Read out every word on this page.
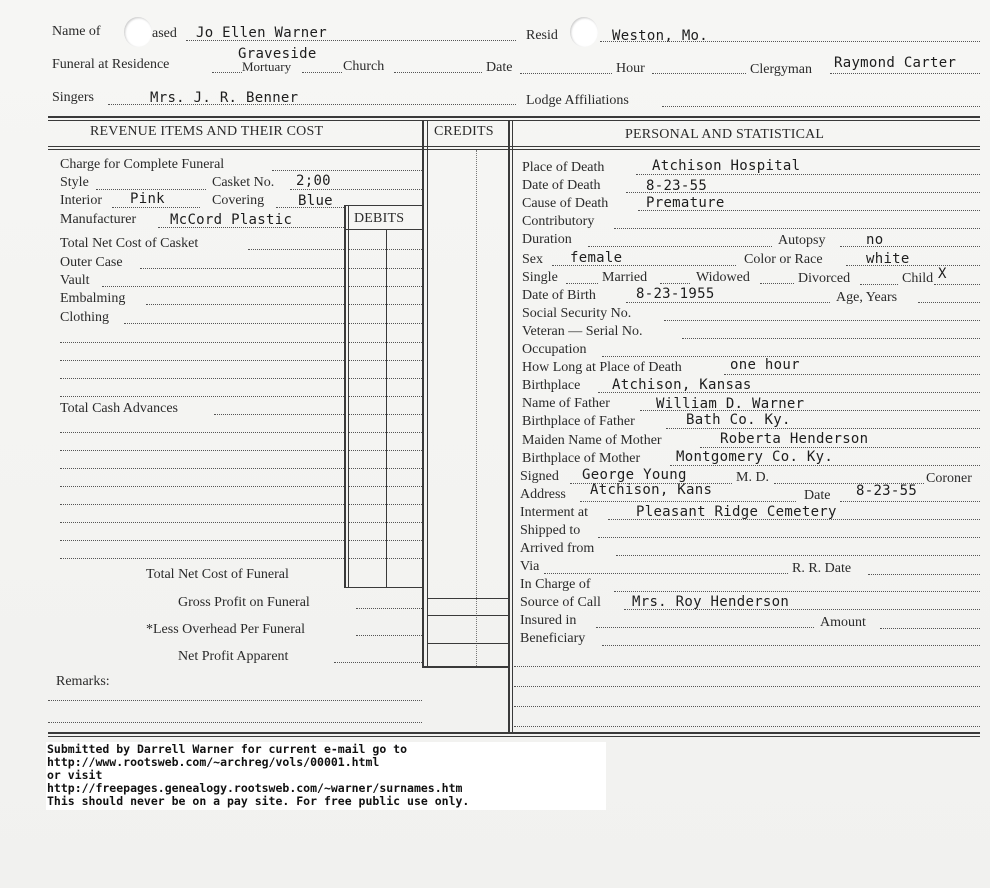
Name of	ased Jo Ellen Warner	Resid	Weston, Mo.
Funeral at Residence
Graveside
Mortuary	Church	Date	Hour	Clergyman Raymond Carter
Singers	Mrs. J. R. Benner	Lodge Affiliations
REVENUE ITEMS AND THEIR COST	CREDITS	PERSONAL AND STATISTICAL
Charge for Complete Funeral
Style	Casket No. 2;00
Interior Pink	Covering Blue
Manufacturer McCord Plastic	DEBITS
Total Net Cost of Casket
Outer Case
Vault
Embalming
Clothing
Total Cash Advances
Total Net Cost of Funeral
Gross Profit on Funeral
*Less Overhead Per Funeral
Net Profit Apparent
Remarks:
Place of Death	Atchison Hospital
Date of Death	8-23-55
Cause of Death	Premature
Contributory
Duration	Autopsy	no
Sex female	Color or Race	white
Single	Married	Widowed	Divorced	Child X
Date of Birth	8-23-1955	Age, Years
Social Security No.
Veteran — Serial No.
Occupation
How Long at Place of Death	one hour
Birthplace Atchison, Kansas
Name of Father	William D. Warner
Birthplace of Father	Bath Co. Ky.
Maiden Name of Mother	Roberta Henderson
Birthplace of Mother	Montgomery Co. Ky.
Signed George Young	M. D.	Coroner
Address Atchison, Kans	Date 8-23-55
Interment at	Pleasant Ridge Cemetery
Shipped to
Arrived from
Via	R. R. Date
In Charge of
Source of Call Mrs. Roy Henderson
Insured in	Amount
Beneficiary
Submitted by Darrell Warner for current e-mail go to
http://www.rootsweb.com/~archreg/vols/00001.html
or visit
http://freepages.genealogy.rootsweb.com/~warner/surnames.htm
This should never be on a pay site. For free public use only.
